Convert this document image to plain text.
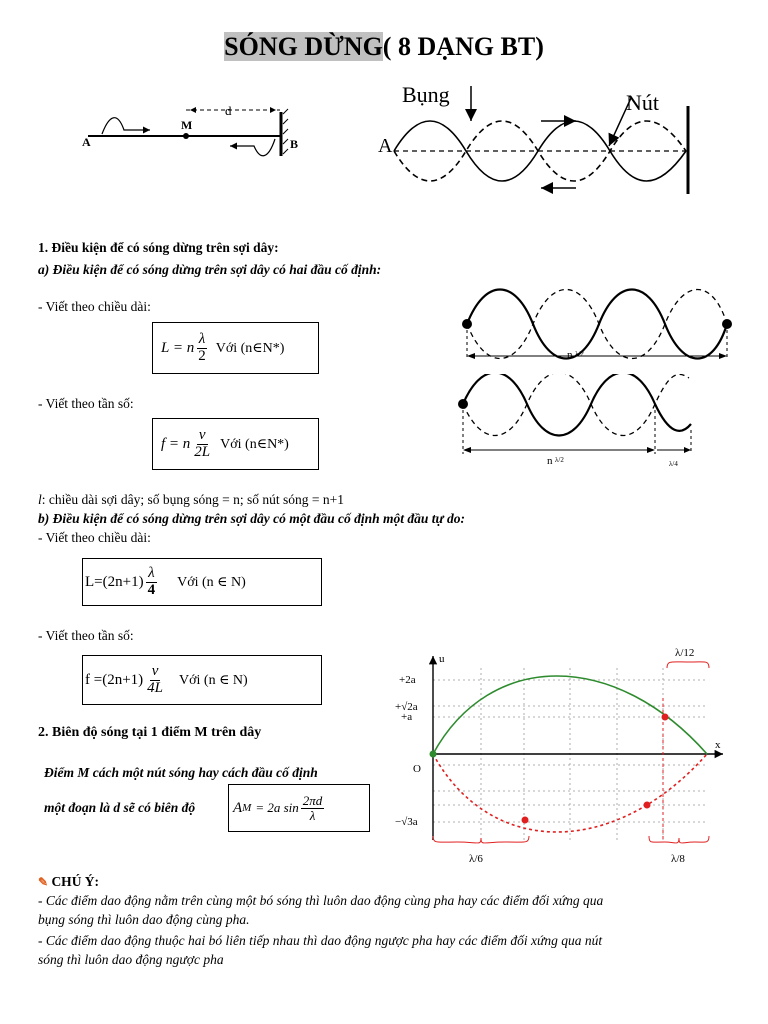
SÓNG DỪNG( 8 DẠNG BT)
A
M
d
B
Bụng	Nút
A
1. Điều kiện để có sóng dừng trên sợi dây:
a) Điều kiện để có sóng dừng trên sợi dây có hai đầu cố định:
- Viết theo chiều dài:
L = n $\frac{\lambda}{2}$ Với (n∈N*)
- Viết theo tần số:
f = n $\frac{v}{2L}$ Với (n∈N*)
l: chiều dài sợi dây; số bụng sóng = n; số nút sóng = n+1
b) Điều kiện để có sóng dừng trên sợi dây có một đầu cố định một đầu tự do:
- Viết theo chiều dài:
$L=(2n+1) \frac{\lambda}{4}$ Với (n ∈ N)
- Viết theo tần số:
$f =(2n+1) \frac{v}{4L}$ Với (n ∈ N)
n λ/2
n λ/2	λ/4
2. Biên độ sóng tại 1 điểm M trên dây
Điểm M cách một nút sóng hay cách đầu cố định
một đoạn là d sẽ có biên độ	A M = 2a $\sin \frac{2\pi d}{\lambda}$
u
x
O
+2a
+√2a
+a
−√3a
λ/12
λ/6	λ/8
✎ CHÚ Ý:
- Các điểm dao động nằm trên cùng một bó sóng thì luôn dao động cùng pha hay các điểm đối xứng qua
bụng sóng thì luôn dao động cùng pha.
- Các điểm dao động thuộc hai bó liên tiếp nhau thì dao động ngược pha hay các điểm đối xứng qua nút
sóng thì luôn dao động ngược pha
